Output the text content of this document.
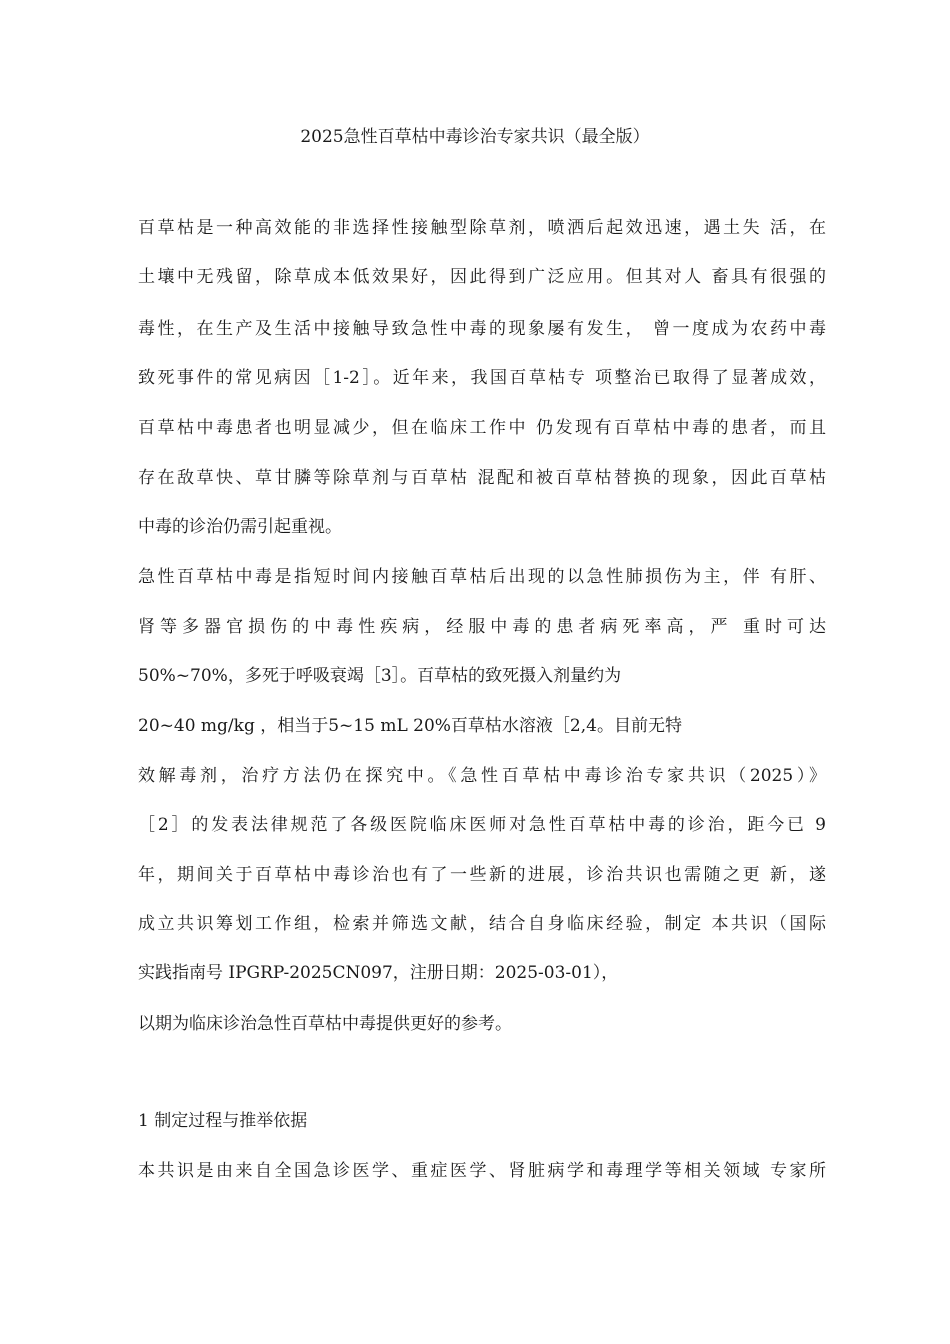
2025急性百草枯中毒诊治专家共识（最全版）
百草枯是一种高效能的非选择性接触型除草剂，喷洒后起效迅速，遇土失 活，在
土壤中无残留，除草成本低效果好，因此得到广泛应用。但其对人 畜具有很强的
毒性，在生产及生活中接触导致急性中毒的现象屡有发生， 曾一度成为农药中毒
致死事件的常见病因［1-2］。近年来，我国百草枯专 项整治已取得了显著成效，
百草枯中毒患者也明显减少，但在临床工作中 仍发现有百草枯中毒的患者，而且
存在敌草快、草甘膦等除草剂与百草枯 混配和被百草枯替换的现象，因此百草枯
中毒的诊治仍需引起重视。
急性百草枯中毒是指短时间内接触百草枯后出现的以急性肺损伤为主，伴 有肝、
肾等多器官损伤的中毒性疾病，经服中毒的患者病死率高，严 重时可达
50%~70%，多死于呼吸衰竭［3］。百草枯的致死摄入剂量约为
20~40 mg/kg ，相当于5~15 mL 20%百草枯水溶液［2,4。目前无特
效解毒剂，治疗方法仍在探究中。《急性百草枯中毒诊治专家共识（2025）》
［2］的发表法律规范了各级医院临床医师对急性百草枯中毒的诊治，距今已 9
年，期间关于百草枯中毒诊治也有了一些新的进展，诊治共识也需随之更 新，遂
成立共识筹划工作组，检索并筛选文献，结合自身临床经验，制定 本共识（国际
实践指南号 IPGRP-2025CN097，注册日期：2025-03-01），
以期为临床诊治急性百草枯中毒提供更好的参考。
1 制定过程与推举依据
本共识是由来自全国急诊医学、重症医学、肾脏病学和毒理学等相关领域 专家所
